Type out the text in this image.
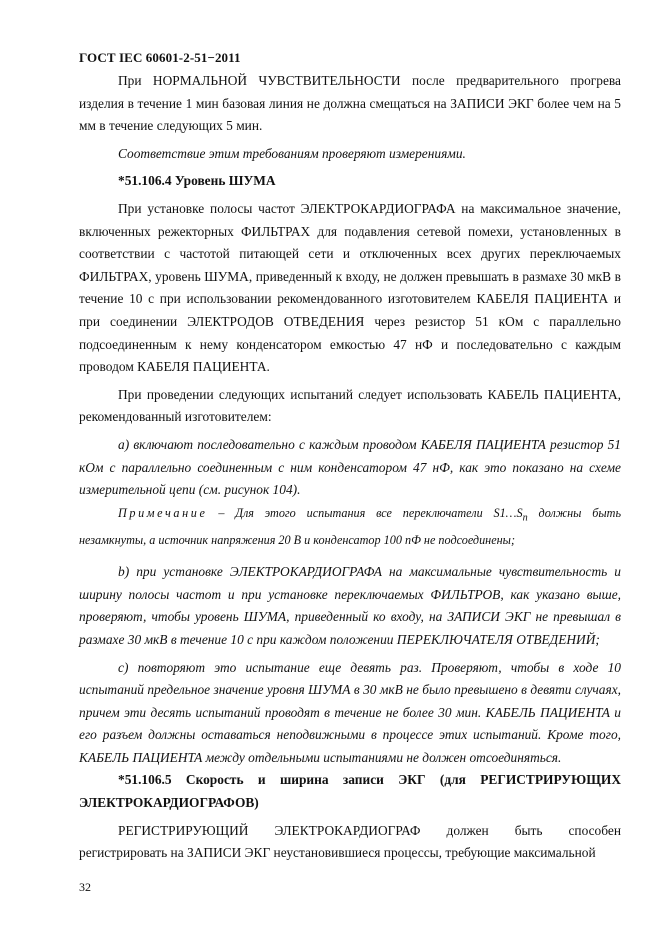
ГОСТ IEC 60601-2-51−2011

При НОРМАЛЬНОЙ ЧУВСТВИТЕЛЬНОСТИ после предварительного прогрева изделия в течение 1 мин базовая линия не должна смещаться на ЗАПИСИ ЭКГ более чем на 5 мм в течение следующих 5 мин.

Соответствие этим требованиям проверяют измерениями.

*51.106.4 Уровень ШУМА

При установке полосы частот ЭЛЕКТРОКАРДИОГРАФА на максимальное значение, включенных режекторных ФИЛЬТРАХ для подавления сетевой помехи, установленных в соответствии с частотой питающей сети и отключенных всех других переключаемых ФИЛЬТРАХ, уровень ШУМА, приведенный к входу, не должен превышать в размахе 30 мкВ в течение 10 с при использовании рекомендованного изготовителем КАБЕЛЯ ПАЦИЕНТА и при соединении ЭЛЕКТРОДОВ ОТВЕДЕНИЯ через резистор 51 кОм с параллельно подсоединенным к нему конденсатором емкостью 47 нФ и последовательно с каждым проводом КАБЕЛЯ ПАЦИЕНТА.

При проведении следующих испытаний следует использовать КАБЕЛЬ ПАЦИЕНТА, рекомендованный изготовителем:

а) включают последовательно с каждым проводом КАБЕЛЯ ПАЦИЕНТА резистор 51 кОм с параллельно соединенным с ним конденсатором 47 нФ, как это показано на схеме измерительной цепи (см. рисунок 104).

Примечание – Для этого испытания все переключатели $S1\dots S_n$ должны быть незамкнуты, а источник напряжения 20 В и конденсатор 100 пФ не подсоединены;

b) при установке ЭЛЕКТРОКАРДИОГРАФА на максимальные чувствительность и ширину полосы частот и при установке переключаемых ФИЛЬТРОВ, как указано выше, проверяют, чтобы уровень ШУМА, приведенный ко входу, на ЗАПИСИ ЭКГ не превышал в размахе 30 мкВ в течение 10 с при каждом положении ПЕРЕКЛЮЧАТЕЛЯ ОТВЕДЕНИЙ;

с) повторяют это испытание еще девять раз. Проверяют, чтобы в ходе 10 испытаний предельное значение уровня ШУМА в 30 мкВ не было превышено в девяти случаях, причем эти десять испытаний проводят в течение не более 30 мин. КАБЕЛЬ ПАЦИЕНТА и его разъем должны оставаться неподвижными в процессе этих испытаний. Кроме того, КАБЕЛЬ ПАЦИЕНТА между отдельными испытаниями не должен отсоединяться.

*51.106.5 Скорость и ширина записи ЭКГ (для РЕГИСТРИРУЮЩИХ ЭЛЕКТРОКАРДИОГРАФОВ)

РЕГИСТРИРУЮЩИЙ ЭЛЕКТРОКАРДИОГРАФ должен быть способен регистрировать на ЗАПИСИ ЭКГ неустановившиеся процессы, требующие максимальной

32
